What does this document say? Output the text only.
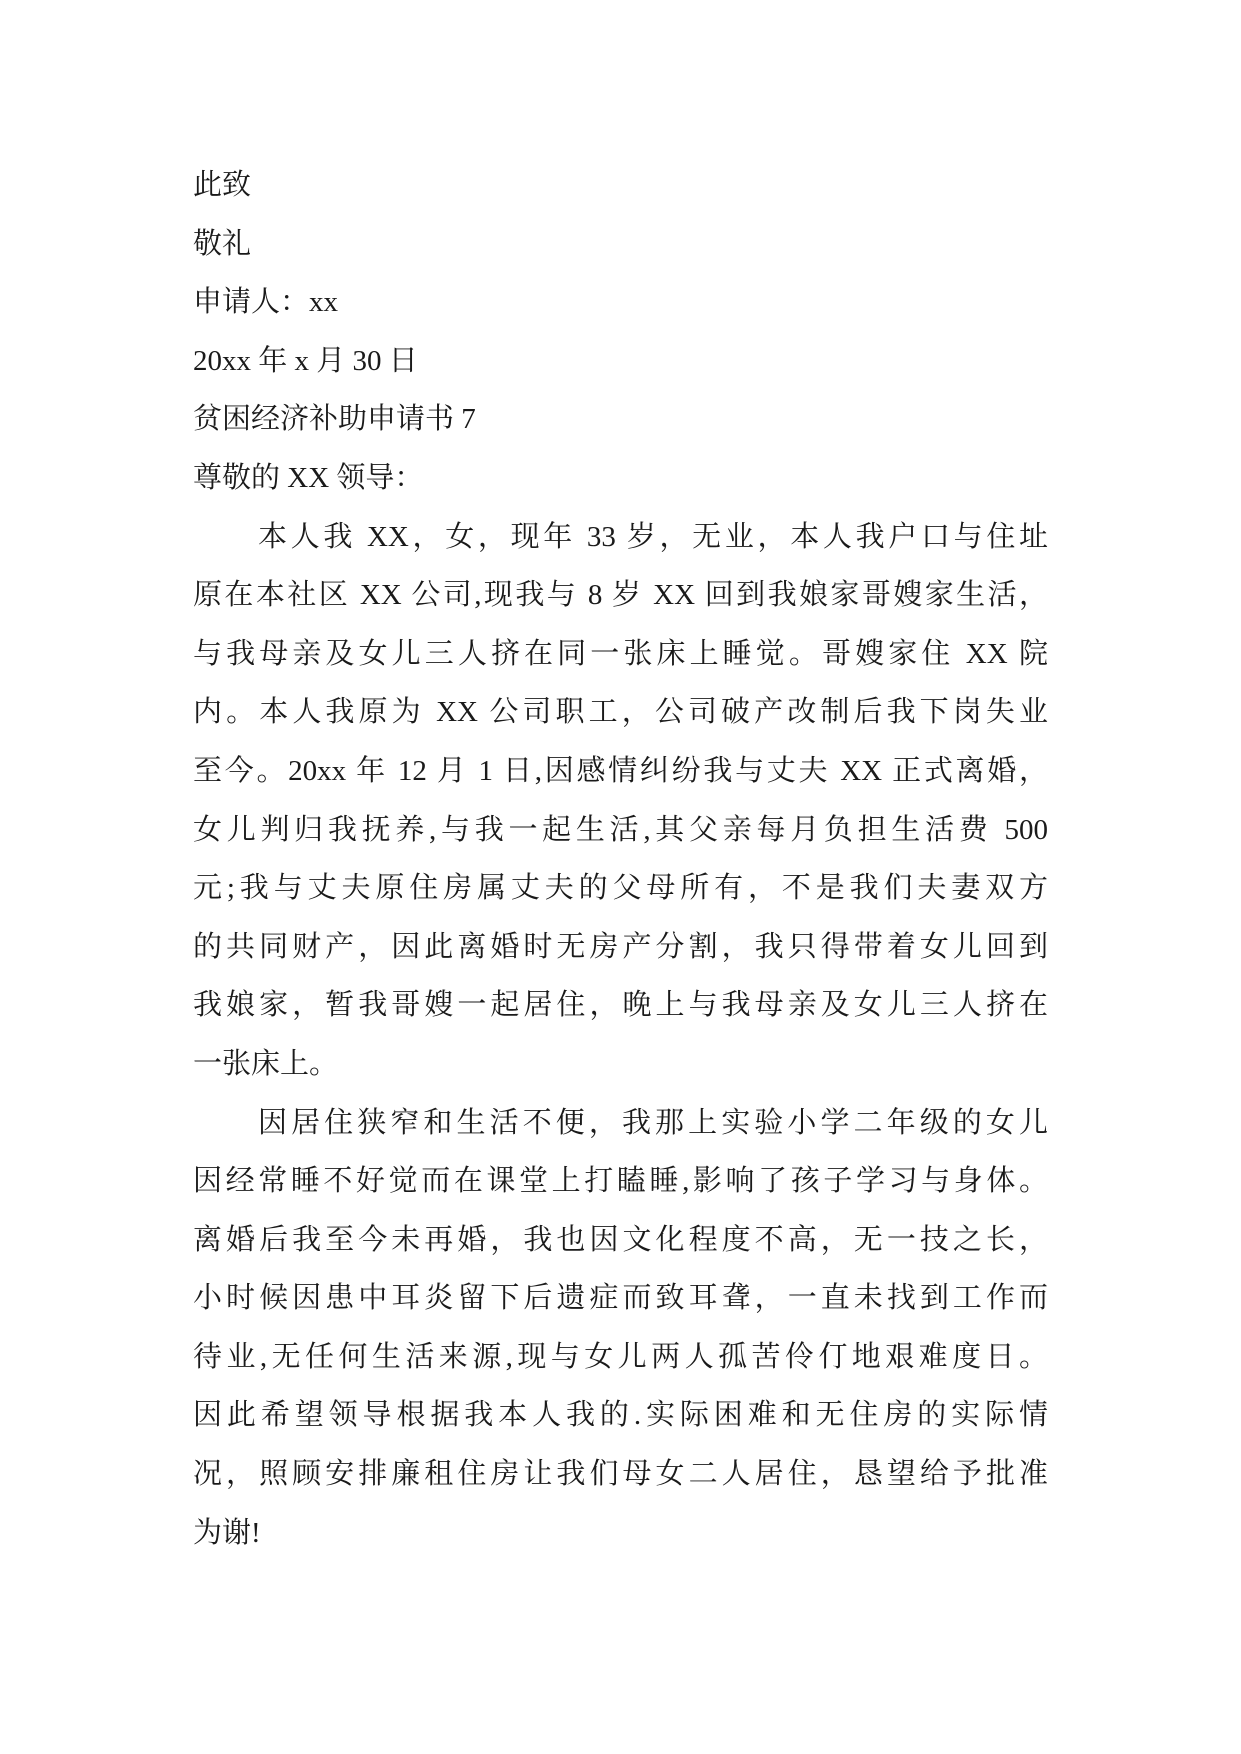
此致
敬礼
申请人：xx
20xx 年 x 月 30 日
贫困经济补助申请书 7
尊敬的 XX 领导：
本人我 XX，女，现年 33 岁，无业，本人我户口与住址
原在本社区 XX 公司,现我与 8 岁 XX 回到我娘家哥嫂家生活，
与我母亲及女儿三人挤在同一张床上睡觉。哥嫂家住 XX 院
内。本人我原为 XX 公司职工，公司破产改制后我下岗失业
至今。20xx 年 12 月 1 日,因感情纠纷我与丈夫 XX 正式离婚，
女儿判归我抚养,与我一起生活,其父亲每月负担生活费 500
元;我与丈夫原住房属丈夫的父母所有，不是我们夫妻双方
的共同财产，因此离婚时无房产分割，我只得带着女儿回到
我娘家，暂我哥嫂一起居住，晚上与我母亲及女儿三人挤在
一张床上。
因居住狭窄和生活不便，我那上实验小学二年级的女儿
因经常睡不好觉而在课堂上打瞌睡,影响了孩子学习与身体。
离婚后我至今未再婚，我也因文化程度不高，无一技之长，
小时候因患中耳炎留下后遗症而致耳聋，一直未找到工作而
待业,无任何生活来源,现与女儿两人孤苦伶仃地艰难度日。
因此希望领导根据我本人我的.实际困难和无住房的实际情
况，照顾安排廉租住房让我们母女二人居住，恳望给予批准
为谢!
